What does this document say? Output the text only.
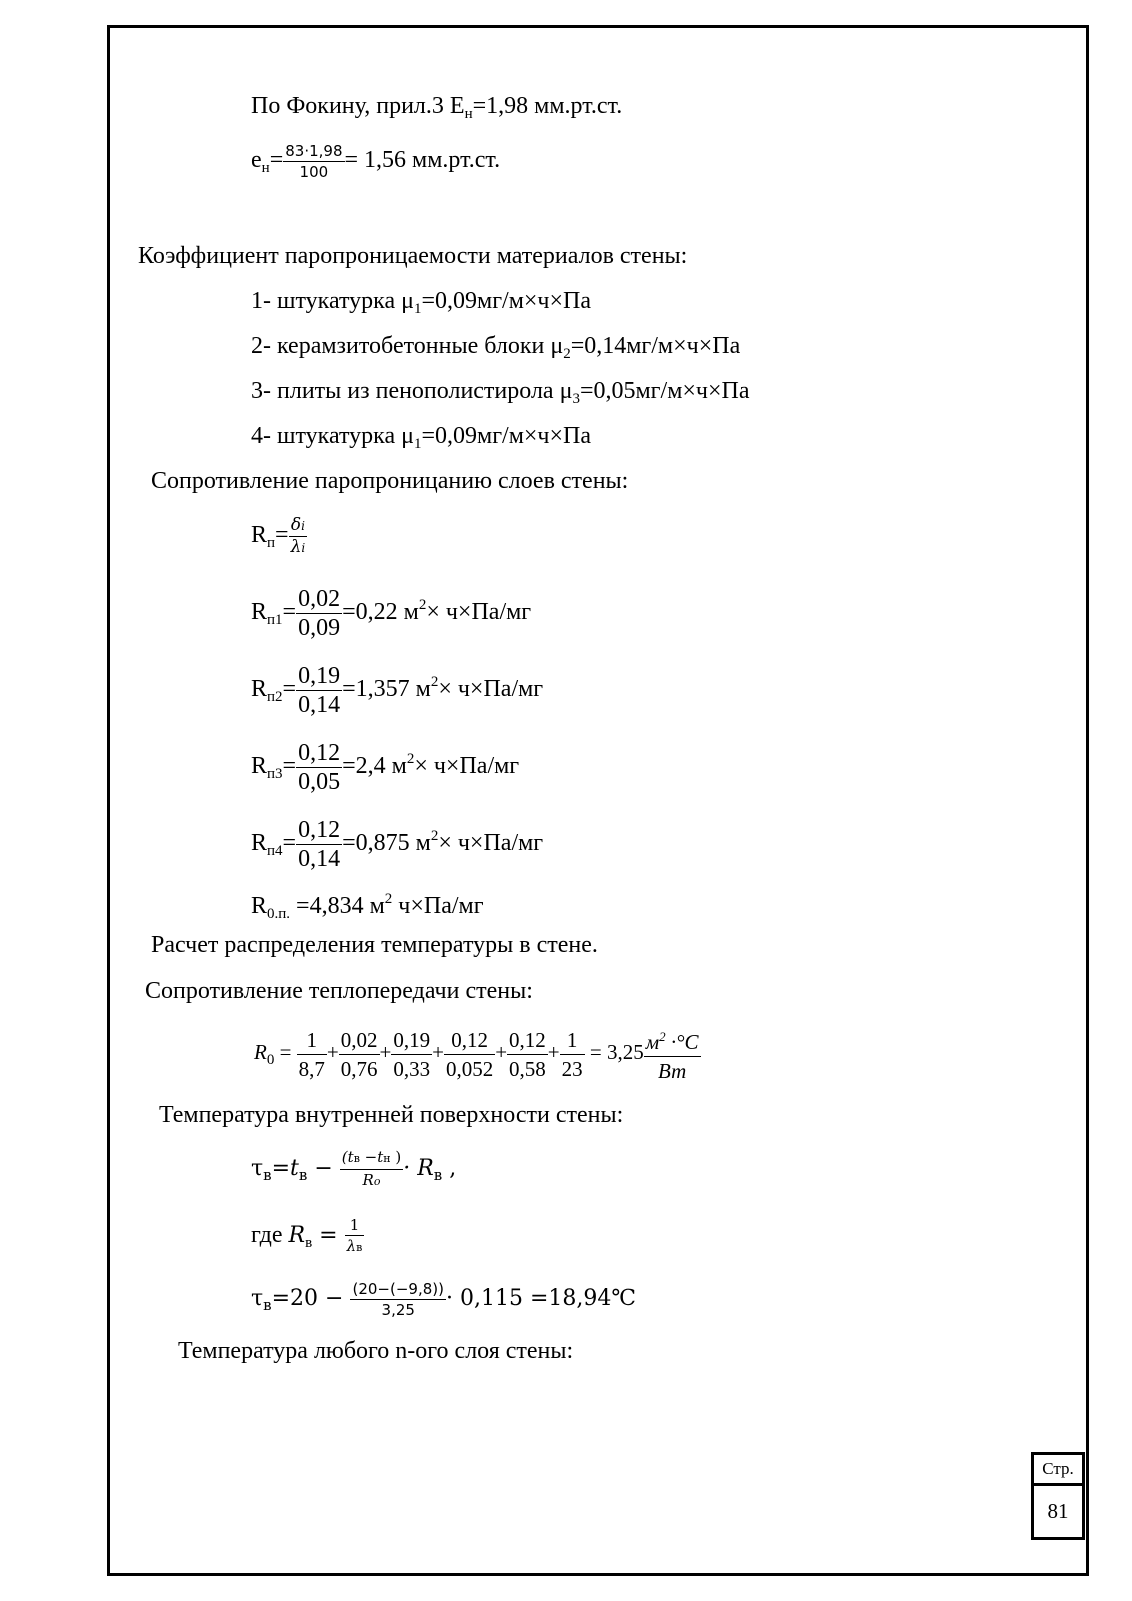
По Фокину, прил.3 $E_н=1,98$ мм.рт.ст.
$e_н= \frac{83\cdot 1,98}{100} = 1,56$ мм.рт.ст.
Коэффициент паропроницаемости материалов стены:
1- штукатурка $\mu_1=0,09мг/м\times ч\times Па$
2- керамзитобетонные блоки $\mu_2=0,14мг/м\times ч\times Па$
3- плиты из пенополистирола $\mu_3=0,05мг/м\times ч\times Па$
4- штукатурка $\mu_1=0,09мг/м\times ч\times Па$
Сопротивление паропроницанию слоев стены:
$R_п= \frac{\delta i}{\lambda i}$
$R_{п1}= \frac{0,02}{0,09} =0,22$ $м^2\times ч\times Па/мг$
$R_{п2}= \frac{0,19}{0,14} =1,357$ $м^2\times ч\times Па/мг$
$R_{п3}= \frac{0,12}{0,05} =2,4$ $м^2\times ч\times Па/мг$
$R_{п4}= \frac{0,12}{0,14} =0,875$ $м^2\times ч\times Па/мг$
$R_{0.п.} =4,834$ $м^2$ ч×Па/мг
Расчет распределения температуры в стене.
Сопротивление теплопередачи стены:
$R_0 = \frac{1}{8,7} + \frac{0,02}{0,76} + \frac{0,19}{0,33} + \frac{0,12}{0,052} + \frac{0,12}{0,58} + \frac{1}{23} = 3,25 \frac{м^2 \cdot^\circ C}{Вт}$
Температура внутренней поверхности стены:
$\tau_в=t_в - \frac{(tв -tн )}{Ro} \cdot R_в$ ,
где $R_в = \frac{1}{\lambda в}$
$\tau_в=20 - \frac{(20-(-9,8))}{3,25} \cdot 0,115$ =18,94℃
Температура любого n-ого слоя стены:
Стр.
81
